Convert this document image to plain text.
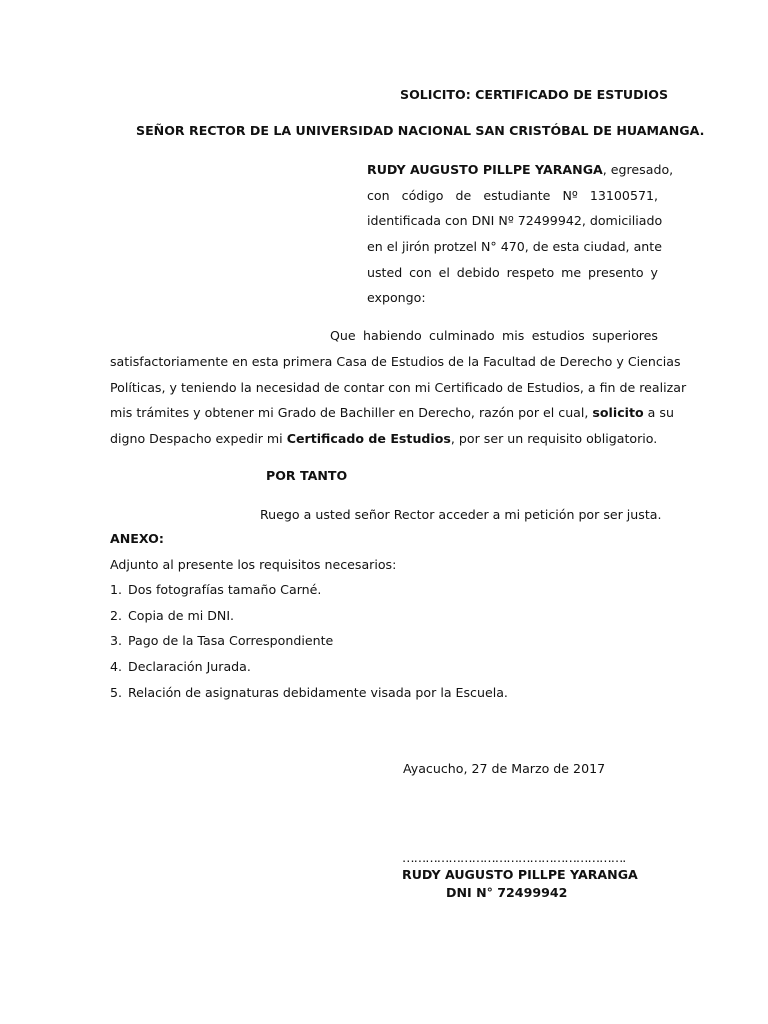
SOLICITO: CERTIFICADO DE ESTUDIOS
SEÑOR RECTOR DE LA UNIVERSIDAD NACIONAL SAN CRISTÓBAL DE HUAMANGA.
RUDY AUGUSTO PILLPE YARANGA, egresado,
con código de estudiante Nº 13100571,
identificada con DNI Nº 72499942, domiciliado
en el jirón protzel N° 470, de esta ciudad, ante
usted con el debido respeto me presento y
expongo:
Que habiendo culminado mis estudios superiores
satisfactoriamente en esta primera Casa de Estudios de la Facultad de Derecho y Ciencias
Políticas, y teniendo la necesidad de contar con mi Certificado de Estudios, a fin de realizar
mis trámites y obtener mi Grado de Bachiller en Derecho, razón por el cual, solicito a su
digno Despacho expedir mi Certificado de Estudios, por ser un requisito obligatorio.
POR TANTO
Ruego a usted señor Rector acceder a mi petición por ser justa.
ANEXO:
Adjunto al presente los requisitos necesarios:
1. Dos fotografías tamaño Carné.
2. Copia de mi DNI.
3. Pago de la Tasa Correspondiente
4. Declaración Jurada.
5. Relación de asignaturas debidamente visada por la Escuela.
Ayacucho, 27 de Marzo de 2017
………………………………………………….
RUDY AUGUSTO PILLPE YARANGA
DNI N° 72499942
